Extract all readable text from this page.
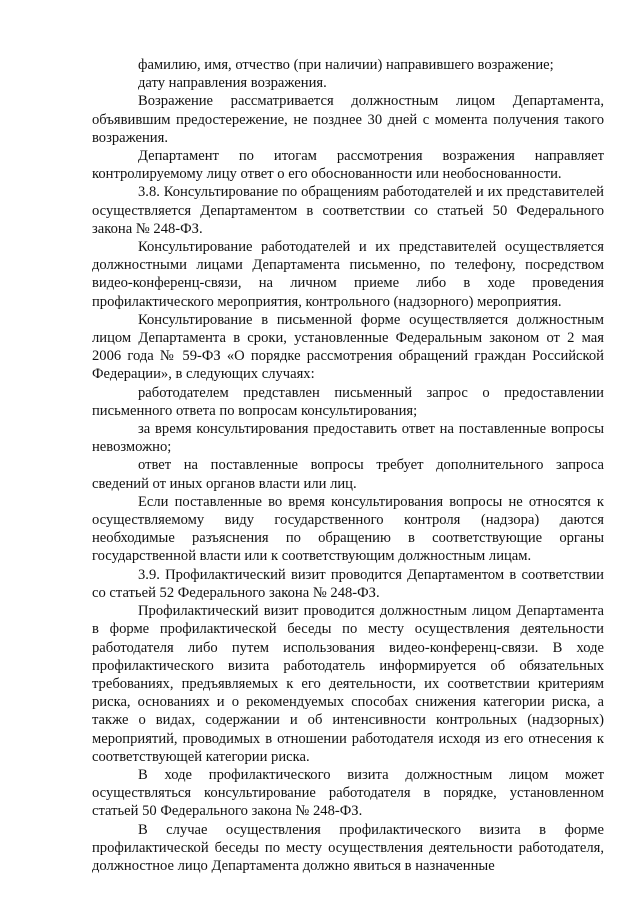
фамилию, имя, отчество (при наличии) направившего возражение;

дату направления возражения.

Возражение рассматривается должностным лицом Департамента, объявившим предостережение, не позднее 30 дней с момента получения такого возражения.

Департамент по итогам рассмотрения возражения направляет контролируемому лицу ответ о его обоснованности или необоснованности.

3.8. Консультирование по обращениям работодателей и их представителей осуществляется Департаментом в соответствии со статьей 50 Федерального закона № 248-ФЗ.

Консультирование работодателей и их представителей осуществляется должностными лицами Департамента письменно, по телефону, посредством видео-конференц-связи, на личном приеме либо в ходе проведения профилактического мероприятия, контрольного (надзорного) мероприятия.

Консультирование в письменной форме осуществляется должностным лицом Департамента в сроки, установленные Федеральным законом от 2 мая 2006 года № 59-ФЗ «О порядке рассмотрения обращений граждан Российской Федерации», в следующих случаях:

работодателем представлен письменный запрос о предоставлении письменного ответа по вопросам консультирования;

за время консультирования предоставить ответ на поставленные вопросы невозможно;

ответ на поставленные вопросы требует дополнительного запроса сведений от иных органов власти или лиц.

Если поставленные во время консультирования вопросы не относятся к осуществляемому виду государственного контроля (надзора) даются необходимые разъяснения по обращению в соответствующие органы государственной власти или к соответствующим должностным лицам.

3.9. Профилактический визит проводится Департаментом в соответствии со статьей 52 Федерального закона № 248-ФЗ.

Профилактический визит проводится должностным лицом Департамента в форме профилактической беседы по месту осуществления деятельности работодателя либо путем использования видео-конференц-связи. В ходе профилактического визита работодатель информируется об обязательных требованиях, предъявляемых к его деятельности, их соответствии критериям риска, основаниях и о рекомендуемых способах снижения категории риска, а также о видах, содержании и об интенсивности контрольных (надзорных) мероприятий, проводимых в отношении работодателя исходя из его отнесения к соответствующей категории риска.

В ходе профилактического визита должностным лицом может осуществляться консультирование работодателя в порядке, установленном статьей 50 Федерального закона № 248-ФЗ.

В случае осуществления профилактического визита в форме профилактической беседы по месту осуществления деятельности работодателя, должностное лицо Департамента должно явиться в назначенные
